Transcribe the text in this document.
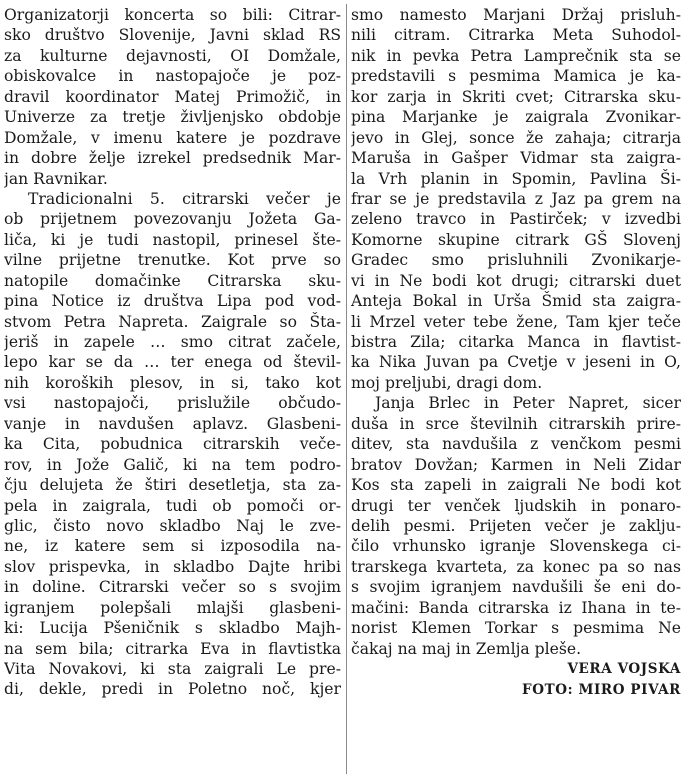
Organizatorji koncerta so bili: Citrar-
sko društvo Slovenije, Javni sklad RS
za kulturne dejavnosti, OI Domžale,
obiskovalce in nastopajoče je poz-
dravil koordinator Matej Primožič, in
Univerze za tretje življenjsko obdobje
Domžale, v imenu katere je pozdrave
in dobre želje izrekel predsednik Mar-
jan Ravnikar.
Tradicionalni 5. citrarski večer je
ob prijetnem povezovanju Jožeta Ga-
liča, ki je tudi nastopil, prinesel šte-
vilne prijetne trenutke. Kot prve so
natopile domačinke Citrarska sku-
pina Notice iz društva Lipa pod vod-
stvom Petra Napreta. Zaigrale so Šta-
jeriš in zapele … smo citrat začele,
lepo kar se da … ter enega od števil-
nih koroških plesov, in si, tako kot
vsi nastopajoči, prislužile občudo-
vanje in navdušen aplavz. Glasbeni-
ka Cita, pobudnica citrarskih veče-
rov, in Jože Galič, ki na tem podro-
čju delujeta že štiri desetletja, sta za-
pela in zaigrala, tudi ob pomoči or-
glic, čisto novo skladbo Naj le zve-
ne, iz katere sem si izposodila na-
slov prispevka, in skladbo Dajte hribi
in doline. Citrarski večer so s svojim
igranjem polepšali mlajši glasbeni-
ki: Lucija Pšeničnik s skladbo Majh-
na sem bila; citrarka Eva in flavtistka
Vita Novakovi, ki sta zaigrali Le pre-
di, dekle, predi in Poletno noč, kjer
smo namesto Marjani Držaj prisluh-
nili citram. Citrarka Meta Suhodol-
nik in pevka Petra Lamprečnik sta se
predstavili s pesmima Mamica je ka-
kor zarja in Skriti cvet; Citrarska sku-
pina Marjanke je zaigrala Zvonikar-
jevo in Glej, sonce že zahaja; citrarja
Maruša in Gašper Vidmar sta zaigra-
la Vrh planin in Spomin, Pavlina Ši-
frar se je predstavila z Jaz pa grem na
zeleno travco in Pastirček; v izvedbi
Komorne skupine citrark GŠ Slovenj
Gradec smo prisluhnili Zvonikarje-
vi in Ne bodi kot drugi; citrarski duet
Anteja Bokal in Urša Šmid sta zaigra-
li Mrzel veter tebe žene, Tam kjer teče
bistra Zila; citarka Manca in flavtist-
ka Nika Juvan pa Cvetje v jeseni in O,
moj preljubi, dragi dom.
Janja Brlec in Peter Napret, sicer
duša in srce številnih citrarskih prire-
ditev, sta navdušila z venčkom pesmi
bratov Dovžan; Karmen in Neli Zidar
Kos sta zapeli in zaigrali Ne bodi kot
drugi ter venček ljudskih in ponaro-
delih pesmi. Prijeten večer je zaklju-
čilo vrhunsko igranje Slovenskega ci-
trarskega kvarteta, za konec pa so nas
s svojim igranjem navdušili še eni do-
mačini: Banda citrarska iz Ihana in te-
norist Klemen Torkar s pesmima Ne
čakaj na maj in Zemlja pleše.
VERA VOJSKA
FOTO: MIRO PIVAR
